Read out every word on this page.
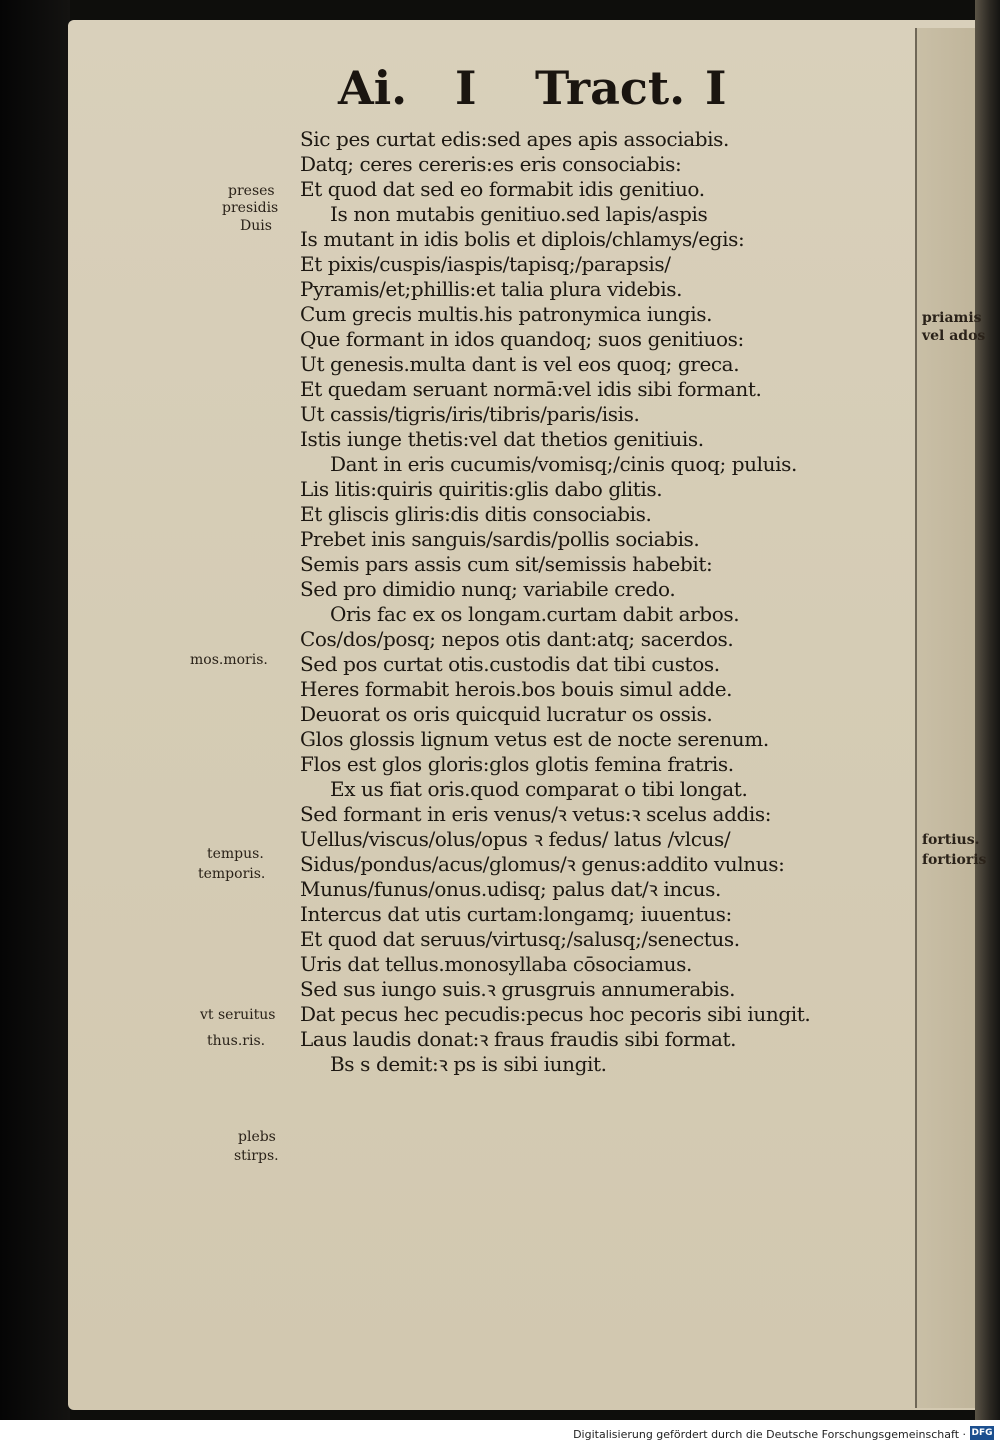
Ai. I Tract. I
Sic pes curtat edis:sed apes apis associabis.
Datq; ceres cereris:es eris consociabis:
Et quod dat sed eo formabit idis genitiuo.
Is non mutabis genitiuo.sed lapis/aspis
Is mutant in idis bolis et diplois/chlamys/egis:
Et pixis/cuspis/iaspis/tapisq;/parapsis/
Pyramis/et;phillis:et talia plura videbis.
Cum grecis multis.his patronymica iungis.
Que formant in idos quandoq; suos genitiuos:
Ut genesis.multa dant is vel eos quoq; greca.
Et quedam seruant normā:vel idis sibi formant.
Ut cassis/tigris/iris/tibris/paris/isis.
Istis iunge thetis:vel dat thetios genitiuis.
Dant in eris cucumis/vomisq;/cinis quoq; puluis.
Lis litis:quiris quiritis:glis dabo glitis.
Et gliscis gliris:dis ditis consociabis.
Prebet inis sanguis/sardis/pollis sociabis.
Semis pars assis cum sit/semissis habebit:
Sed pro dimidio nunq; variabile credo.
Oris fac ex os longam.curtam dabit arbos.
Cos/dos/posq; nepos otis dant:atq; sacerdos.
Sed pos curtat otis.custodis dat tibi custos.
Heres formabit herois.bos bouis simul adde.
Deuorat os oris quicquid lucratur os ossis.
Glos glossis lignum vetus est de nocte serenum.
Flos est glos gloris:glos glotis femina fratris.
Ex us fiat oris.quod comparat o tibi longat.
Sed formant in eris venus/ꝛ vetus:ꝛ scelus addis:
Uellus/viscus/olus/opus ꝛ fedus/ latus /vlcus/
Sidus/pondus/acus/glomus/ꝛ genus:addito vulnus:
Munus/funus/onus.udisq; palus dat/ꝛ incus.
Intercus dat utis curtam:longamq; iuuentus:
Et quod dat seruus/virtusq;/salusq;/senectus.
Uris dat tellus.monosyllaba cōsociamus.
Sed sus iungo suis.ꝛ grusgruis annumerabis.
Dat pecus hec pecudis:pecus hoc pecoris sibi iungit.
Laus laudis donat:ꝛ fraus fraudis sibi format.
Bs s demit:ꝛ ps is sibi iungit.
preses
presidis
Duis
mos.moris.
tempus.
temporis.
vt seruitus
thus.ris.
plebs
stirps.
priamis
vel ados
fortius.
fortioris
Digitalisierung gefördert durch die Deutsche Forschungsgemeinschaft · DFG
